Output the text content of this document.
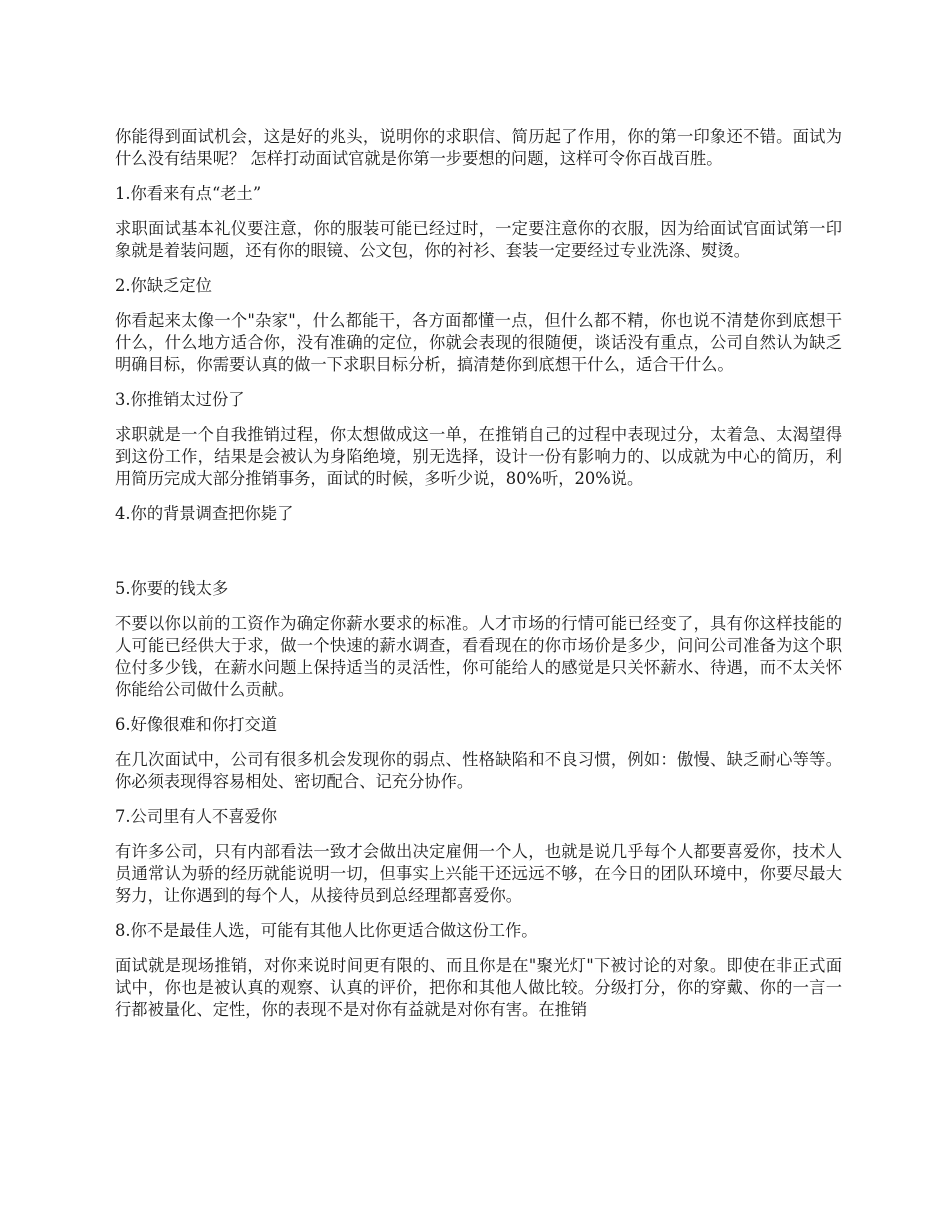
你能得到面试机会，这是好的兆头，说明你的求职信、简历起了作用，你的第一印象还不错。面试为什么没有结果呢？ 怎样打动面试官就是你第一步要想的问题，这样可令你百战百胜。

1.你看来有点“老土”

求职面试基本礼仪要注意，你的服装可能已经过时，一定要注意你的衣服，因为给面试官面试第一印象就是着装问题，还有你的眼镜、公文包，你的衬衫、套装一定要经过专业洗涤、熨烫。

2.你缺乏定位

你看起来太像一个"杂家"，什么都能干，各方面都懂一点，但什么都不精，你也说不清楚你到底想干什么，什么地方适合你，没有准确的定位，你就会表现的很随便，谈话没有重点，公司自然认为缺乏明确目标，你需要认真的做一下求职目标分析，搞清楚你到底想干什么，适合干什么。

3.你推销太过份了

求职就是一个自我推销过程，你太想做成这一单，在推销自己的过程中表现过分，太着急、太渴望得到这份工作，结果是会被认为身陷绝境，别无选择，设计一份有影响力的、以成就为中心的简历，利用简历完成大部分推销事务，面试的时候，多听少说，80%听，20%说。

4.你的背景调查把你毙了

5.你要的钱太多

不要以你以前的工资作为确定你薪水要求的标准。人才市场的行情可能已经变了，具有你这样技能的人可能已经供大于求，做一个快速的薪水调查，看看现在的你市场价是多少，问问公司准备为这个职位付多少钱，在薪水问题上保持适当的灵活性，你可能给人的感觉是只关怀薪水、待遇，而不太关怀你能给公司做什么贡献。

6.好像很难和你打交道

在几次面试中，公司有很多机会发现你的弱点、性格缺陷和不良习惯，例如：傲慢、缺乏耐心等等。你必须表现得容易相处、密切配合、记充分协作。

7.公司里有人不喜爱你

有许多公司，只有内部看法一致才会做出决定雇佣一个人，也就是说几乎每个人都要喜爱你，技术人员通常认为骄的经历就能说明一切，但事实上兴能干还远远不够，在今日的团队环境中，你要尽最大努力，让你遇到的每个人，从接待员到总经理都喜爱你。

8.你不是最佳人选，可能有其他人比你更适合做这份工作。

面试就是现场推销，对你来说时间更有限的、而且你是在"聚光灯"下被讨论的对象。即使在非正式面试中，你也是被认真的观察、认真的评价，把你和其他人做比较。分级打分，你的穿戴、你的一言一行都被量化、定性，你的表现不是对你有益就是对你有害。在推销
